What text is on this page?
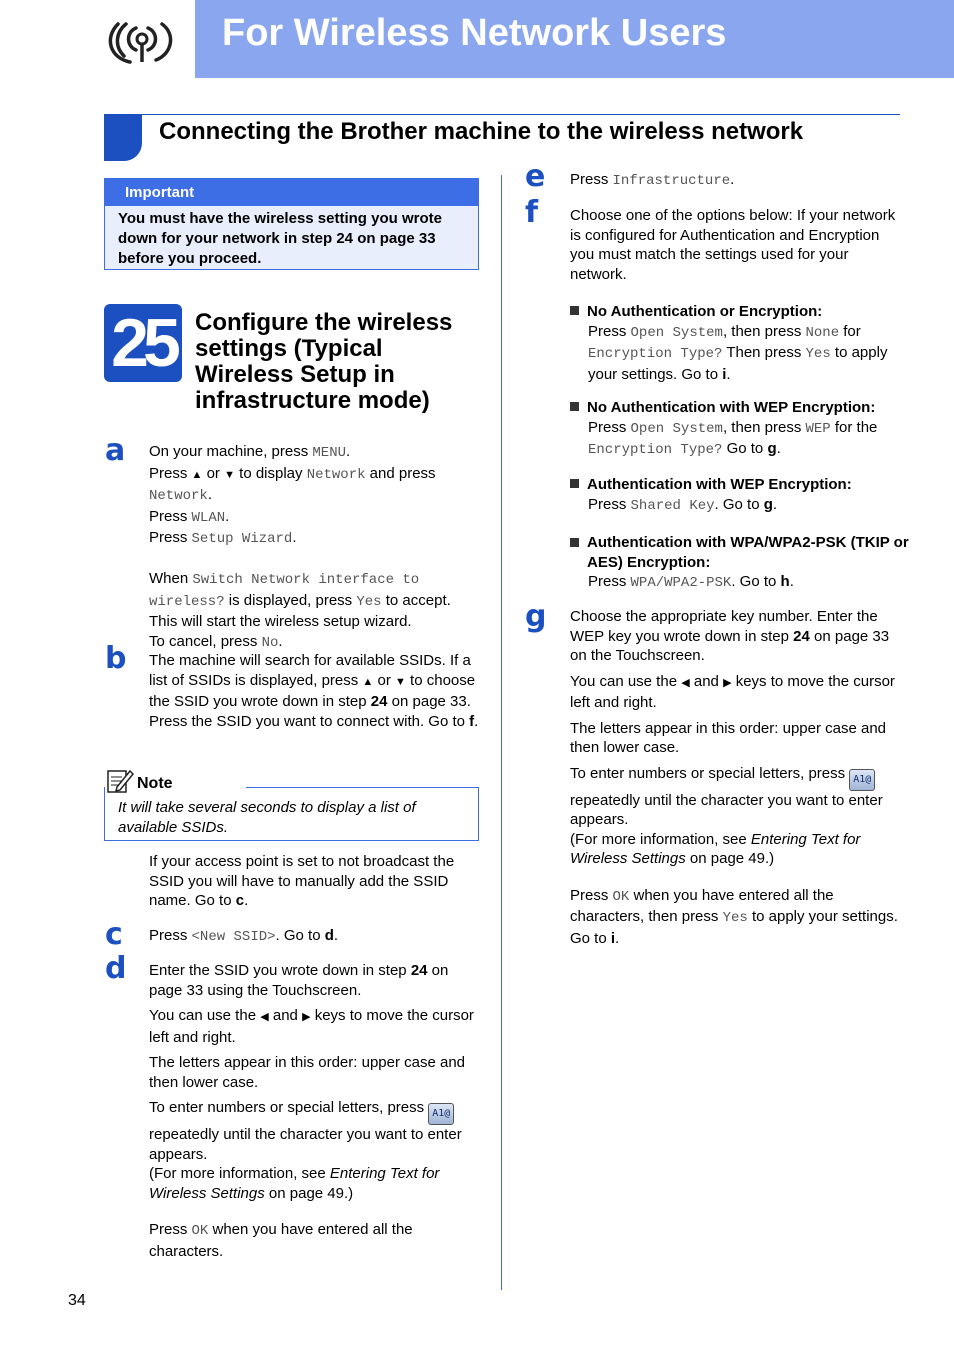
For Wireless Network Users
Connecting the Brother machine to the wireless network
Important
You must have the wireless setting you wrote down for your network in step 24 on page 33 before you proceed.
25 Configure the wireless settings (Typical Wireless Setup in infrastructure mode)
a On your machine, press MENU.

Press ▲ or ▼ to display Network and press

Network.

Press WLAN.

Press Setup Wizard.

When Switch Network interface to

wireless? is displayed, press Yes to accept.

This will start the wireless setup wizard.

To cancel, press No.

b The machine will search for available SSIDs. If a list of SSIDs is displayed, press ▲ or ▼ to choose the SSID you wrote down in step 24 on page 33. Press the SSID you want to connect with. Go to f.

Note
It will take several seconds to display a list of available SSIDs.

If your access point is set to not broadcast the SSID you will have to manually add the SSID name. Go to c.

c Press <New SSID>. Go to d.

d Enter the SSID you wrote down in step 24 on page 33 using the Touchscreen.

You can use the ◀ and ▶ keys to move the cursor left and right.

The letters appear in this order: upper case and then lower case.

To enter numbers or special letters, press A1@ repeatedly until the character you want to enter appears.

(For more information, see Entering Text for Wireless Settings on page 49.)

Press OK when you have entered all the characters.

e Press Infrastructure.

f Choose one of the options below: If your network is configured for Authentication and Encryption you must match the settings used for your network.
No Authentication or Encryption:
Press Open System, then press None for Encryption Type? Then press Yes to apply your settings. Go to i.
No Authentication with WEP Encryption:
Press Open System, then press WEP for the Encryption Type? Go to g.
Authentication with WEP Encryption:
Press Shared Key. Go to g.
Authentication with WPA/WPA2-PSK (TKIP or AES) Encryption:
Press WPA/WPA2-PSK. Go to h.
g Choose the appropriate key number. Enter the WEP key you wrote down in step 24 on page 33 on the Touchscreen.

You can use the ◀ and ▶ keys to move the cursor left and right.

The letters appear in this order: upper case and then lower case.

To enter numbers or special letters, press A1@ repeatedly until the character you want to enter appears.

(For more information, see Entering Text for Wireless Settings on page 49.)

Press OK when you have entered all the characters, then press Yes to apply your settings. Go to i.

34
